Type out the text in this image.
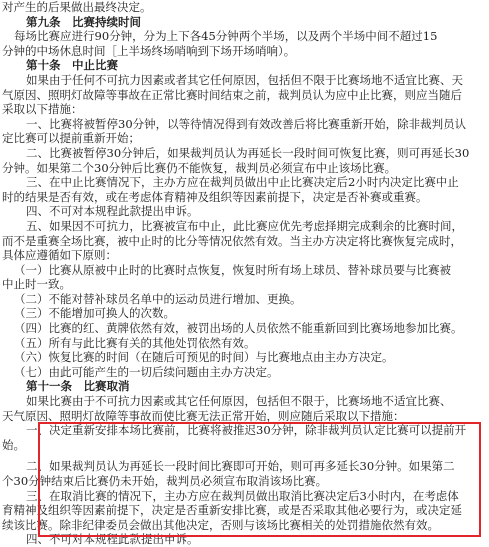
对产生的后果做出最终决定。
第九条　比赛持续时间
每场比赛应进行90分钟，分为上下各45分钟两个半场，以及两个半场中间不超过15
分钟的中场休息时间［上半场终场哨响到下场开场哨响）。
第十条　中止比赛
如果由于任何不可抗力因素或者其它任何原因，包括但不限于比赛场地不适宜比赛、天
气原因、照明灯故障等事故在正常比赛时间结束之前，裁判员认为应中止比赛，则应当随后
采取以下措施：
一、比赛将被暂停30分钟，以等待情况得到有效改善后将比赛重新开始，除非裁判员认
定比赛可以提前重新开始；
二、比赛被暂停30分钟后，如果裁判员认为再延长一段时间可恢复比赛，则可再延长30
分钟。如果第二个30分钟后比赛仍不能恢复，裁判员必须宣布中止该场比赛。
三、在中止比赛情况下，主办方应在裁判员做出中止比赛决定后2小时内决定比赛中止
时的结果是否有效，或在考虑体育精神及组织等因素前提下，决定是否补赛或重赛。
四、不可对本规程此款提出申诉。
五、如果因不可抗力，比赛被宣布中止，此比赛应优先考虑择期完成剩余的比赛时间，
而不是重赛全场比赛，被中止时的比分等情况依然有效。当主办方决定将比赛恢复完成时，
具体应遵循如下原则：
（一）比赛从原被中止时的比赛时点恢复，恢复时所有场上球员、替补球员要与比赛被
中止时一致。
（二）不能对替补球员名单中的运动员进行增加、更换。
（三）不能增加可换人的次数。
（四）比赛的红、黄牌依然有效，被罚出场的人员依然不能重新回到比赛场地参加比赛。
（五）所有与此比赛有关的其他处罚依然有效。
（六）恢复比赛的时间（在随后可预见的时间）与比赛地点由主办方决定。
（七）由此可能产生的一切后续问题由主办方决定。
第十一条　比赛取消
如果比赛由于不可抗力因素或其它任何原因，包括但不限于，比赛场地不适宜比赛、
天气原因、照明灯故障等事故而使比赛无法正常开始，则应随后采取以下措施：
一、决定重新安排本场比赛前，比赛将被推迟30分钟，除非裁判员认定比赛可以提前开
始。
二、如果裁判员认为再延长一段时间比赛即可开始，则可再多延长30分钟。如果第二
个30分钟结束后比赛仍未开始，裁判员必须宣布取消该场比赛。
三、在取消比赛的情况下，主办方应在裁判员做出取消比赛决定后3小时内，在考虑体
育精神及组织等因素前提下，决定是否重新安排比赛，或是否采取其他必要行为，或决定延
续该比赛。除非纪律委员会做出其他决定，否则与该场比赛相关的处罚措施依然有效。
四、不可对本规程此款提出申诉。
